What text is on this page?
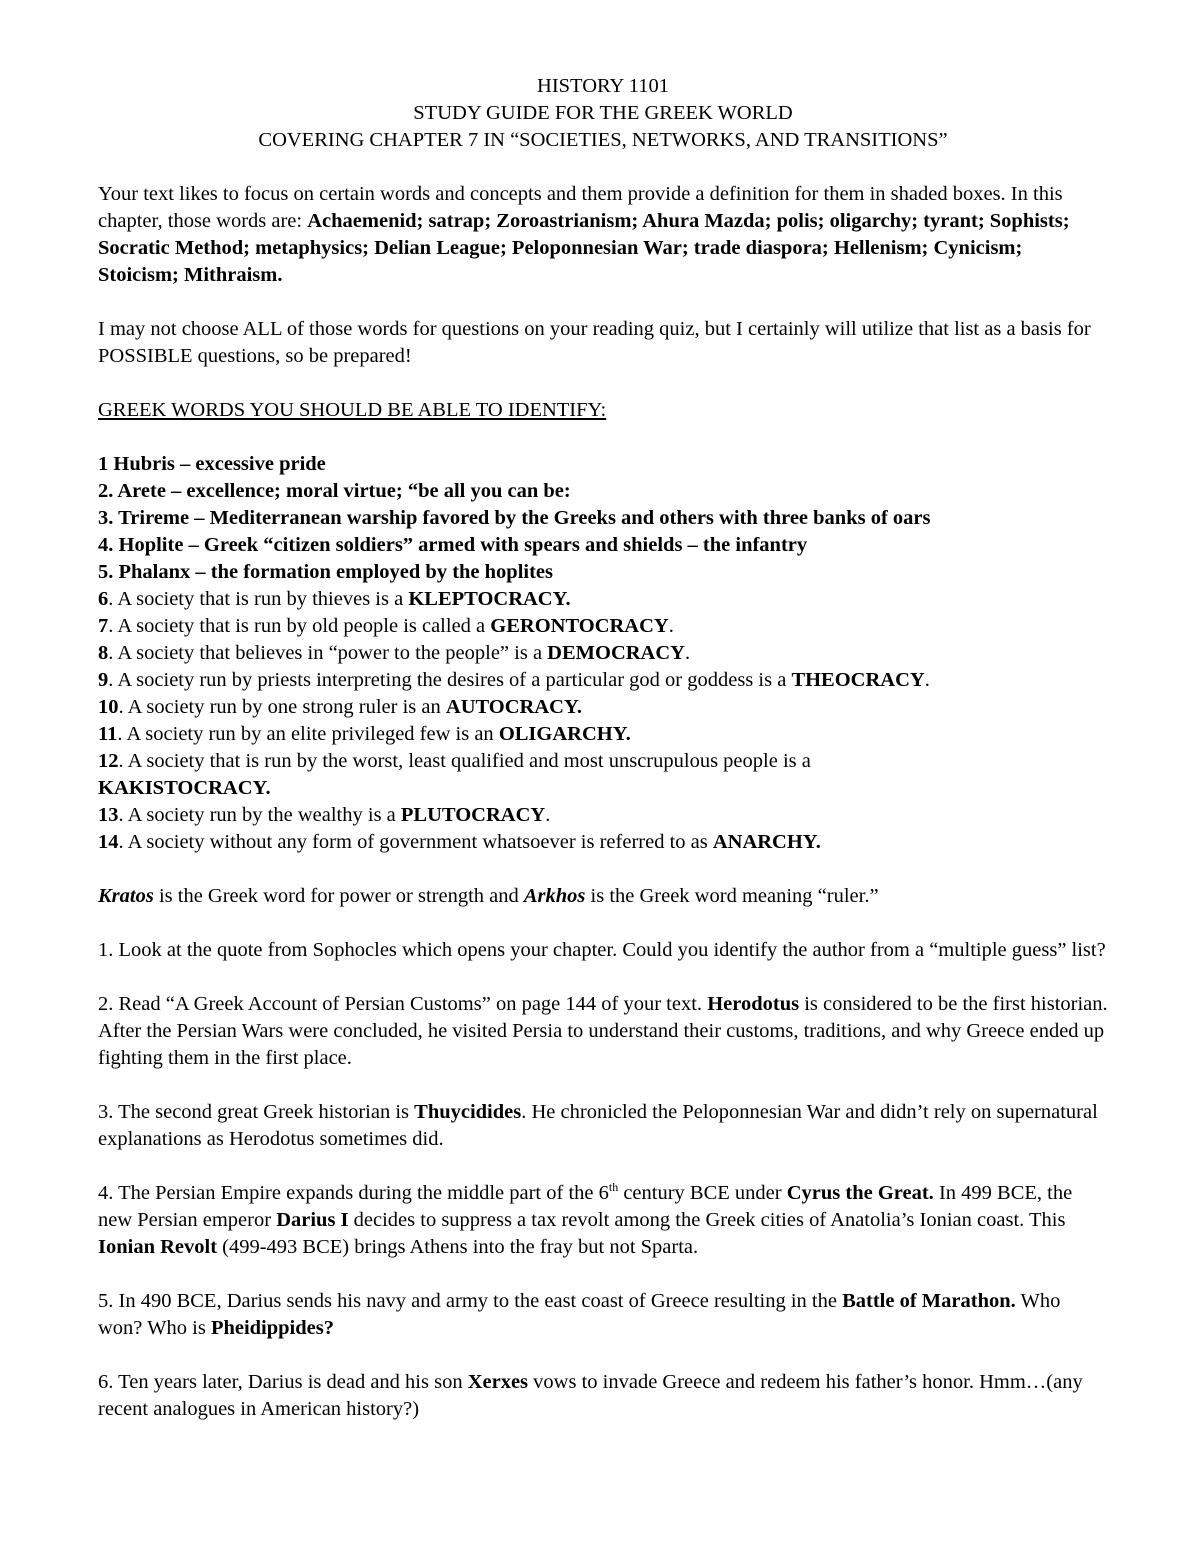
HISTORY 1101
STUDY GUIDE FOR THE GREEK WORLD
COVERING CHAPTER 7 IN “SOCIETIES, NETWORKS, AND TRANSITIONS”

Your text likes to focus on certain words and concepts and them provide a definition for them in shaded boxes. In this chapter, those words are: Achaemenid; satrap; Zoroastrianism; Ahura Mazda; polis; oligarchy; tyrant; Sophists; Socratic Method; metaphysics; Delian League; Peloponnesian War; trade diaspora; Hellenism; Cynicism; Stoicism; Mithraism.

I may not choose ALL of those words for questions on your reading quiz, but I certainly will utilize that list as a basis for POSSIBLE questions, so be prepared!

GREEK WORDS YOU SHOULD BE ABLE TO IDENTIFY:
1 Hubris – excessive pride
2. Arete – excellence; moral virtue; “be all you can be:
3. Trireme – Mediterranean warship favored by the Greeks and others with three banks of oars
4. Hoplite – Greek “citizen soldiers” armed with spears and shields – the infantry
5. Phalanx – the formation employed by the hoplites
6. A society that is run by thieves is a KLEPTOCRACY.
7. A society that is run by old people is called a GERONTOCRACY.
8. A society that believes in “power to the people” is a DEMOCRACY.
9. A society run by priests interpreting the desires of a particular god or goddess is a THEOCRACY.
10. A society run by one strong ruler is an AUTOCRACY.
11. A society run by an elite privileged few is an OLIGARCHY.
12. A society that is run by the worst, least qualified and most unscrupulous people is a
KAKISTOCRACY.
13. A society run by the wealthy is a PLUTOCRACY.
14. A society without any form of government whatsoever is referred to as ANARCHY.

Kratos is the Greek word for power or strength and Arkhos is the Greek word meaning “ruler.”

1. Look at the quote from Sophocles which opens your chapter. Could you identify the author from a “multiple guess” list?

2. Read “A Greek Account of Persian Customs” on page 144 of your text. Herodotus is considered to be the first historian. After the Persian Wars were concluded, he visited Persia to understand their customs, traditions, and why Greece ended up fighting them in the first place.

3. The second great Greek historian is Thuycidides. He chronicled the Peloponnesian War and didn’t rely on supernatural explanations as Herodotus sometimes did.

4. The Persian Empire expands during the middle part of the 6th century BCE under Cyrus the Great. In 499 BCE, the new Persian emperor Darius I decides to suppress a tax revolt among the Greek cities of Anatolia’s Ionian coast. This Ionian Revolt (499-493 BCE) brings Athens into the fray but not Sparta.

5. In 490 BCE, Darius sends his navy and army to the east coast of Greece resulting in the Battle of Marathon. Who won? Who is Pheidippides?

6. Ten years later, Darius is dead and his son Xerxes vows to invade Greece and redeem his father’s honor. Hmm…(any recent analogues in American history?)
